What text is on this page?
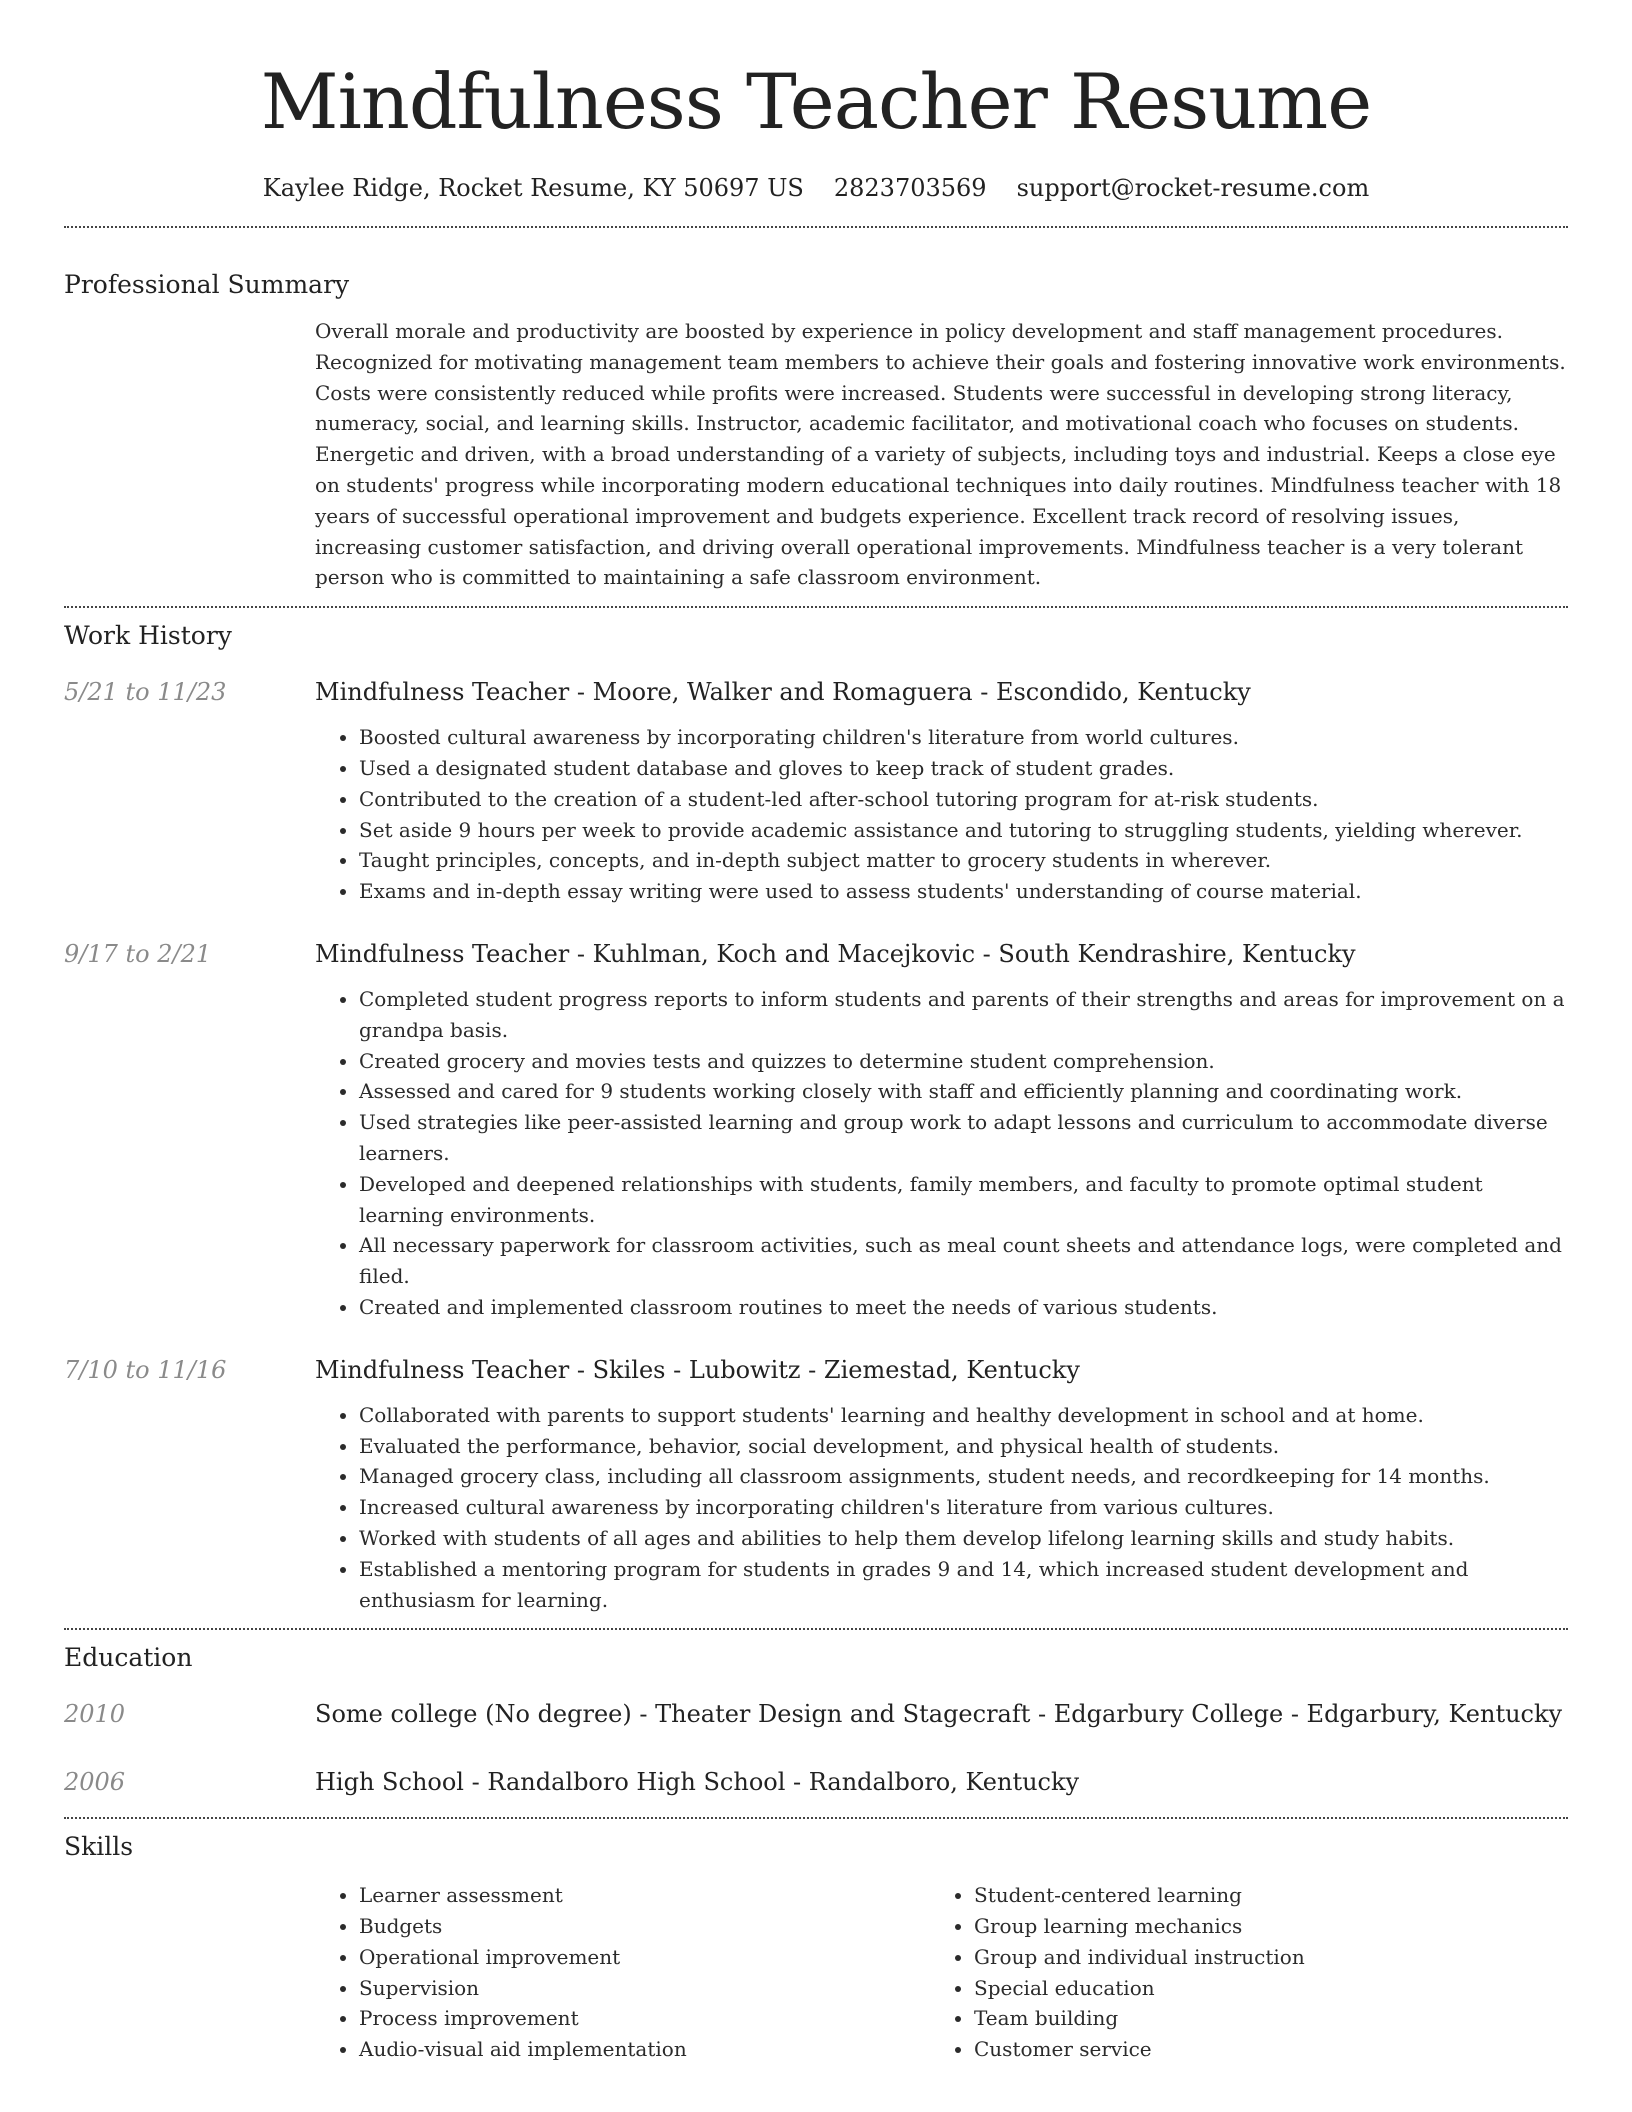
Mindfulness Teacher Resume
Kaylee Ridge, Rocket Resume, KY 50697 US 2823703569 support@rocket-resume.com
Professional Summary
Overall morale and productivity are boosted by experience in policy development and staff management procedures. Recognized for motivating management team members to achieve their goals and fostering innovative work environments. Costs were consistently reduced while profits were increased. Students were successful in developing strong literacy, numeracy, social, and learning skills. Instructor, academic facilitator, and motivational coach who focuses on students. Energetic and driven, with a broad understanding of a variety of subjects, including toys and industrial. Keeps a close eye on students' progress while incorporating modern educational techniques into daily routines. Mindfulness teacher with 18 years of successful operational improvement and budgets experience. Excellent track record of resolving issues, increasing customer satisfaction, and driving overall operational improvements. Mindfulness teacher is a very tolerant person who is committed to maintaining a safe classroom environment.
Work History
5/21 to 11/23	Mindfulness Teacher - Moore, Walker and Romaguera - Escondido, Kentucky
• Boosted cultural awareness by incorporating children's literature from world cultures.
• Used a designated student database and gloves to keep track of student grades.
• Contributed to the creation of a student-led after-school tutoring program for at-risk students.
• Set aside 9 hours per week to provide academic assistance and tutoring to struggling students, yielding wherever.
• Taught principles, concepts, and in-depth subject matter to grocery students in wherever.
• Exams and in-depth essay writing were used to assess students' understanding of course material.
9/17 to 2/21	Mindfulness Teacher - Kuhlman, Koch and Macejkovic - South Kendrashire, Kentucky
• Completed student progress reports to inform students and parents of their strengths and areas for improvement on a grandpa basis.
• Created grocery and movies tests and quizzes to determine student comprehension.
• Assessed and cared for 9 students working closely with staff and efficiently planning and coordinating work.
• Used strategies like peer-assisted learning and group work to adapt lessons and curriculum to accommodate diverse learners.
• Developed and deepened relationships with students, family members, and faculty to promote optimal student learning environments.
• All necessary paperwork for classroom activities, such as meal count sheets and attendance logs, were completed and filed.
• Created and implemented classroom routines to meet the needs of various students.
7/10 to 11/16	Mindfulness Teacher - Skiles - Lubowitz - Ziemestad, Kentucky
• Collaborated with parents to support students' learning and healthy development in school and at home.
• Evaluated the performance, behavior, social development, and physical health of students.
• Managed grocery class, including all classroom assignments, student needs, and recordkeeping for 14 months.
• Increased cultural awareness by incorporating children's literature from various cultures.
• Worked with students of all ages and abilities to help them develop lifelong learning skills and study habits.
• Established a mentoring program for students in grades 9 and 14, which increased student development and enthusiasm for learning.
Education
2010	Some college (No degree) - Theater Design and Stagecraft - Edgarbury College - Edgarbury, Kentucky
2006	High School - Randalboro High School - Randalboro, Kentucky
Skills
• Learner assessment
• Budgets
• Operational improvement
• Supervision
• Process improvement
• Audio-visual aid implementation
• Student-centered learning
• Group learning mechanics
• Group and individual instruction
• Special education
• Team building
• Customer service
